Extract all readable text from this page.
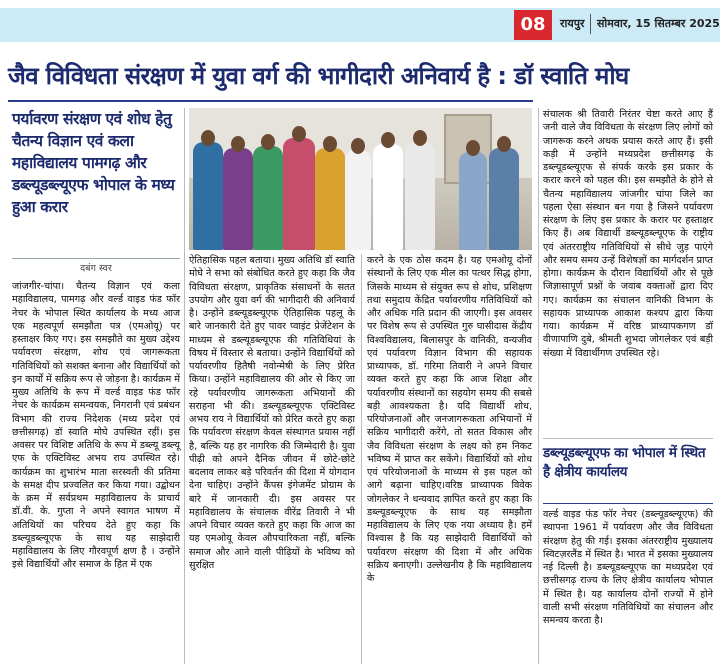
08	रायपुर सोमवार, 15 सितम्बर 2025
जैव विविधता संरक्षण में युवा वर्ग की भागीदारी अनिवार्य है : डॉ स्वाति मोघ
पर्यावरण संरक्षण एवं शोध हेतु चैतन्य विज्ञान एवं कला महाविद्यालय पामगढ़ और डब्ल्यूडब्ल्यूएफ भोपाल के मध्य हुआ करार
दबंग स्वर

जांजगीर-चांपा। चैतन्य विज्ञान एवं कला महाविद्यालय, पामगढ़ और वर्ल्ड वाइड फंड फॉर नेचर के भोपाल स्थित कार्यालय के मध्य आज एक महत्वपूर्ण समझौता पत्र (एमओयू) पर हस्ताक्षर किए गए। इस समझौते का मुख्य उद्देश्य पर्यावरण संरक्षण, शोध एवं जागरूकता गतिविधियों को सशक्त बनाना और विद्यार्थियों को इन कार्यों में सक्रिय रूप से जोड़ना है। कार्यक्रम में मुख्य अतिथि के रूप में वर्ल्ड वाइड फंड फॉर नेचर के कार्यक्रम समन्वयक, निगरानी एवं प्रबंधन विभाग की राज्य निदेशक (मध्य प्रदेश एवं छत्तीसगढ़) डॉ स्वाति मोघे उपस्थित रहीं। इस अवसर पर विशिष्ट अतिथि के रूप में डब्ल्यू डब्ल्यू एफ के एक्टिविस्ट अभय राय उपस्थित रहे। कार्यक्रम का शुभारंभ माता सरस्वती की प्रतिमा के समक्ष दीप प्रज्वलित कर किया गया। उद्बोधन के क्रम में सर्वप्रथम महाविद्यालय के प्राचार्य डॉ.वी. के. गुप्ता ने अपने स्वागत भाषण में अतिथियों का परिचय देते हुए कहा कि डब्ल्यूडब्ल्यूएफ के साथ यह साझेदारी महाविद्यालय के लिए गौरवपूर्ण क्षण है । उन्होंने इसे विद्यार्थियों और समाज के हित में एक

ऐतिहासिक पहल बताया। मुख्य अतिथि डॉ स्वाति मोघे ने सभा को संबोधित करते हुए कहा कि जैव विविधता संरक्षण, प्राकृतिक संसाधनों के सतत उपयोग और युवा वर्ग की भागीदारी की अनिवार्य है। उन्होंने डब्ल्यूडब्ल्यूएफ ऐतिहासिक पहलू के बारे जानकारी देते हुए पावर प्वाइंट प्रेजेंटेशन के माध्यम से डब्ल्यूडब्ल्यूएफ की गतिविधियां के विषय में विस्तार से बताया। उन्होंने विद्यार्थियों को पर्यावरणीय हितैषी नवोन्मेषी के लिए प्रेरित किया। उन्होंने महाविद्यालय की ओर से किए जा रहे पर्यावरणीय जागरूकता अभियानों की सराहना भी की। डब्ल्यूडब्ल्यूएफ एक्टिविस्ट अभय राय ने विद्यार्थियों को प्रेरित करते हुए कहा कि पर्यावरण संरक्षण केवल संस्थागत प्रयास नहीं है, बल्कि यह हर नागरिक की जिम्मेदारी है। युवा पीढ़ी को अपने दैनिक जीवन में छोटे-छोटे बदलाव लाकर बड़े परिवर्तन की दिशा में योगदान देना चाहिए। उन्होंने कैंपस इंगेजमेंट प्रोग्राम के बारे में जानकारी दी। इस अवसर पर महाविद्यालय के संचालक वीरेंद्र तिवारी ने भी अपने विचार व्यक्त करते हुए कहा कि आज का यह एमओयू केवल औपचारिकता नहीं, बल्कि समाज और आने वाली पीढ़ियों के भविष्य को सुरक्षित

करने के एक ठोस कदम है। यह एमओयू दोनों संस्थानों के लिए एक मील का पत्थर सिद्ध होगा, जिसके माध्यम से संयुक्त रूप से शोध, प्रशिक्षण तथा समुदाय केंद्रित पर्यावरणीय गतिविधियों को और अधिक गति प्रदान की जाएगी। इस अवसर पर विशेष रूप से उपस्थित गुरु घासीदास केंद्रीय विश्वविद्यालय, बिलासपुर के वानिकी, वन्यजीव एवं पर्यावरण विज्ञान विभाग की सहायक प्राध्यापक, डॉ. गरिमा तिवारी ने अपने विचार व्यक्त करते हुए कहा कि आज शिक्षा और पर्यावरणीय संस्थानों का सहयोग समय की सबसे बड़ी आवश्यकता है। यदि विद्यार्थी शोध, परियोजनाओं और जनजागरूकता अभियानों में सक्रिय भागीदारी करेंगे, तो सतत विकास और जैव विविधता संरक्षण के लक्ष्य को हम निकट भविष्य में प्राप्त कर सकेंगे। विद्यार्थियों को शोध एवं परियोजनाओं के माध्यम से इस पहल को आगे बढ़ाना चाहिए।वरिष्ठ प्राध्यापक विवेक जोगलेकर ने धन्यवाद ज्ञापित करते हुए कहा कि डब्ल्यूडब्ल्यूएफ के साथ यह समझौता महाविद्यालय के लिए एक नया अध्याय है। हमें विश्वास है कि यह साझेदारी विद्यार्थियों को पर्यावरण संरक्षण की दिशा में और अधिक सक्रिय बनाएगी। उल्लेखनीय है कि महाविद्यालय के

संचालक श्री तिवारी निरंतर चेष्टा करते आए हैं जनी वाले जैव विविधता के संरक्षण लिए लोगों को जागरूक करने अथक प्रयास करते आए हैं। इसी कड़ी में उन्होंने मध्यप्रदेश छत्तीसगढ़ के डब्ल्यूडब्ल्यूएफ से संपर्क करके इस प्रकार के करार करने को पहल की। इस समझौते के होने से चैतन्य महाविद्यालय जांजगीर चांपा जिले का पहला ऐसा संस्थान बन गया है जिसने पर्यावरण संरक्षण के लिए इस प्रकार के करार पर हस्ताक्षर किए हैं। अब विद्यार्थी डब्ल्यूडब्ल्यूएफ के राष्ट्रीय एवं अंतरराष्ट्रीय गतिविधियों से सीधे जुड़ पाएंगे और समय समय उन्हें विशेषज्ञों का मार्गदर्शन प्राप्त होगा। कार्यक्रम के दौरान विद्यार्थियों और से पूछे जिज्ञासापूर्ण प्रश्नों के जवाब वक्ताओं द्वारा दिए गए। कार्यक्रम का संचालन वानिकी विभाग के सहायक प्राध्यापक आकाश कश्यप द्वारा किया गया। कार्यक्रम में वरिष्ठ प्राध्यापकगण डॉ वीणापाणि दुबे, श्रीमती शुभदा जोगलेकर एवं बड़ी संख्या में विद्यार्थीगण उपस्थित रहे।

डब्ल्यूडब्ल्यूएफ का भोपाल में स्थित है क्षेत्रीय कार्यालय

वर्ल्ड वाइड फंड फॉर नेचर (डब्ल्यूडब्ल्यूएफ) की स्थापना 1961 में पर्यावरण और जैव विविधता संरक्षण हेतु की गई। इसका अंतरराष्ट्रीय मुख्यालय स्विटज़रलैंड में स्थित है। भारत में इसका मुख्यालय नई दिल्ली है। डब्ल्यूडब्ल्यूएफ का मध्यप्रदेश एवं छत्तीसगढ़ राज्य के लिए क्षेत्रीय कार्यालय भोपाल में स्थित है। यह कार्यालय दोनों राज्यों में होने वाली सभी संरक्षण गतिविधियों का संचालन और समन्वय करता है।
